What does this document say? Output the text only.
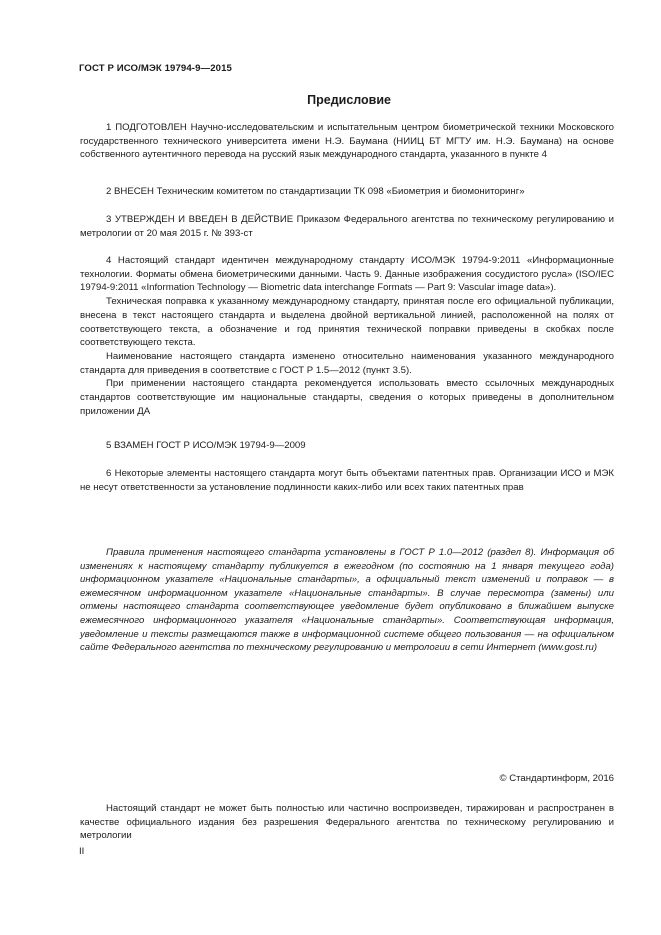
ГОСТ Р ИСО/МЭК 19794-9—2015
Предисловие

1 ПОДГОТОВЛЕН Научно-исследовательским и испытательным центром биометрической техники Московского государственного технического университета имени Н.Э. Баумана (НИИЦ БТ МГТУ им. Н.Э. Баумана) на основе собственного аутентичного перевода на русский язык международного стандарта, указанного в пункте 4

2 ВНЕСЕН Техническим комитетом по стандартизации ТК 098 «Биометрия и биомониторинг»

3 УТВЕРЖДЕН И ВВЕДЕН В ДЕЙСТВИЕ Приказом Федерального агентства по техническому регулированию и метрологии от 20 мая 2015 г. № 393-ст

4 Настоящий стандарт идентичен международному стандарту ИСО/МЭК 19794-9:2011 «Информационные технологии. Форматы обмена биометрическими данными. Часть 9. Данные изображения сосудистого русла» (ISO/IEC 19794-9:2011 «Information Technology — Biometric data interchange Formats — Part 9: Vascular image data»).

Техническая поправка к указанному международному стандарту, принятая после его официальной публикации, внесена в текст настоящего стандарта и выделена двойной вертикальной линией, расположенной на полях от соответствующего текста, а обозначение и год принятия технической поправки приведены в скобках после соответствующего текста.

Наименование настоящего стандарта изменено относительно наименования указанного международного стандарта для приведения в соответствие с ГОСТ Р 1.5—2012 (пункт 3.5).

При применении настоящего стандарта рекомендуется использовать вместо ссылочных международных стандартов соответствующие им национальные стандарты, сведения о которых приведены в дополнительном приложении ДА

5 ВЗАМЕН ГОСТ Р ИСО/МЭК 19794-9—2009

6 Некоторые элементы настоящего стандарта могут быть объектами патентных прав. Организации ИСО и МЭК не несут ответственности за установление подлинности каких-либо или всех таких патентных прав

Правила применения настоящего стандарта установлены в ГОСТ Р 1.0—2012 (раздел 8). Информация об изменениях к настоящему стандарту публикуется в ежегодном (по состоянию на 1 января текущего года) информационном указателе «Национальные стандарты», а официальный текст изменений и поправок — в ежемесячном информационном указателе «Национальные стандарты». В случае пересмотра (замены) или отмены настоящего стандарта соответствующее уведомление будет опубликовано в ближайшем выпуске ежемесячного информационного указателя «Национальные стандарты». Соответствующая информация, уведомление и тексты размещаются также в информационной системе общего пользования — на официальном сайте Федерального агентства по техническому регулированию и метрологии в сети Интернет (www.gost.ru)

© Стандартинформ, 2016

Настоящий стандарт не может быть полностью или частично воспроизведен, тиражирован и распространен в качестве официального издания без разрешения Федерального агентства по техническому регулированию и метрологии

II
